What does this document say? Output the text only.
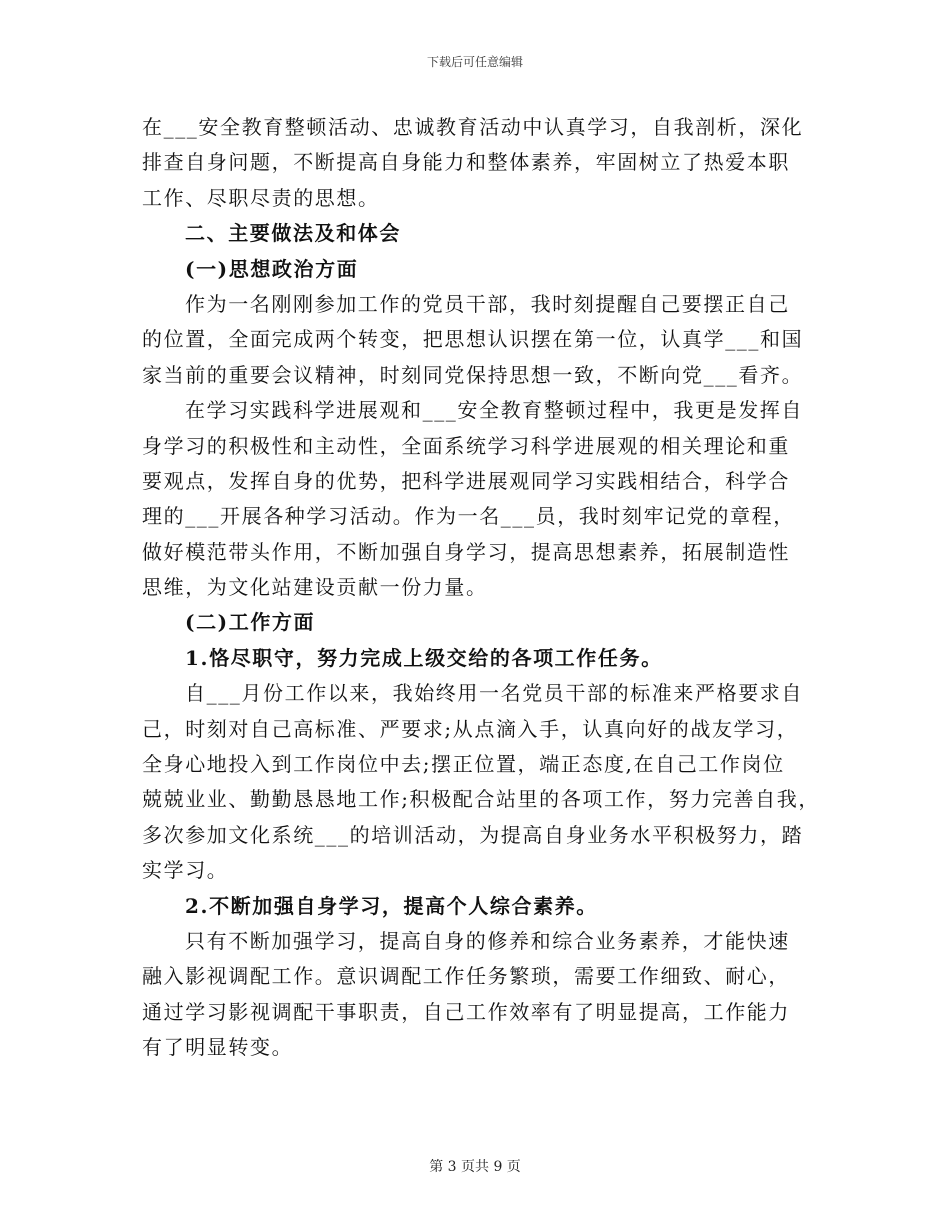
下载后可任意编辑
在___安全教育整顿活动、忠诚教育活动中认真学习，自我剖析，深化
排查自身问题，不断提高自身能力和整体素养，牢固树立了热爱本职
工作、尽职尽责的思想。
二、主要做法及和体会
(一)思想政治方面
作为一名刚刚参加工作的党员干部，我时刻提醒自己要摆正自己
的位置，全面完成两个转变，把思想认识摆在第一位，认真学___和国
家当前的重要会议精神，时刻同党保持思想一致，不断向党___看齐。
在学习实践科学进展观和___安全教育整顿过程中，我更是发挥自
身学习的积极性和主动性，全面系统学习科学进展观的相关理论和重
要观点，发挥自身的优势，把科学进展观同学习实践相结合，科学合
理的___开展各种学习活动。作为一名___员，我时刻牢记党的章程，
做好模范带头作用，不断加强自身学习，提高思想素养，拓展制造性
思维，为文化站建设贡献一份力量。
(二)工作方面
1.恪尽职守，努力完成上级交给的各项工作任务。
自___月份工作以来，我始终用一名党员干部的标准来严格要求自
己，时刻对自己高标准、严要求;从点滴入手，认真向好的战友学习，
全身心地投入到工作岗位中去;摆正位置，端正态度,在自己工作岗位
兢兢业业、勤勤恳恳地工作;积极配合站里的各项工作，努力完善自我，
多次参加文化系统___的培训活动，为提高自身业务水平积极努力，踏
实学习。
2.不断加强自身学习，提高个人综合素养。
只有不断加强学习，提高自身的修养和综合业务素养，才能快速
融入影视调配工作。意识调配工作任务繁琐，需要工作细致、耐心，
通过学习影视调配干事职责，自己工作效率有了明显提高，工作能力
有了明显转变。
第 3 页共 9 页
